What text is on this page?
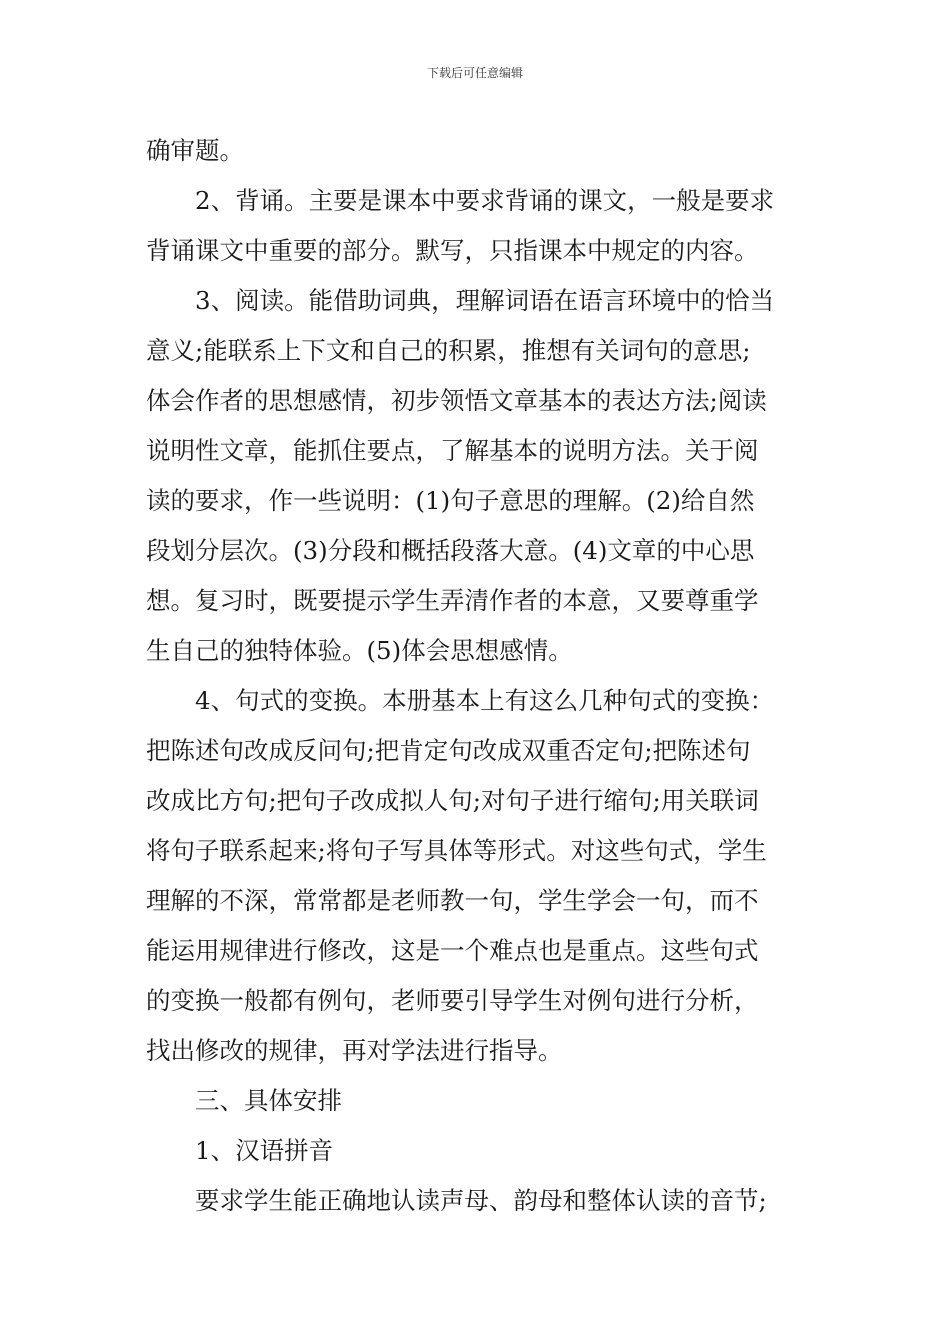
下载后可任意编辑
确审题。
2、背诵。主要是课本中要求背诵的课文，一般是要求
背诵课文中重要的部分。默写，只指课本中规定的内容。
3、阅读。能借助词典，理解词语在语言环境中的恰当
意义;能联系上下文和自己的积累，推想有关词句的意思;
体会作者的思想感情，初步领悟文章基本的表达方法;阅读
说明性文章，能抓住要点，了解基本的说明方法。关于阅
读的要求，作一些说明：(1)句子意思的理解。(2)给自然
段划分层次。(3)分段和概括段落大意。(4)文章的中心思
想。复习时，既要提示学生弄清作者的本意，又要尊重学
生自己的独特体验。(5)体会思想感情。
4、句式的变换。本册基本上有这么几种句式的变换：
把陈述句改成反问句;把肯定句改成双重否定句;把陈述句
改成比方句;把句子改成拟人句;对句子进行缩句;用关联词
将句子联系起来;将句子写具体等形式。对这些句式，学生
理解的不深，常常都是老师教一句，学生学会一句，而不
能运用规律进行修改，这是一个难点也是重点。这些句式
的变换一般都有例句，老师要引导学生对例句进行分析，
找出修改的规律，再对学法进行指导。
三、具体安排
1、汉语拼音
要求学生能正确地认读声母、韵母和整体认读的音节;
